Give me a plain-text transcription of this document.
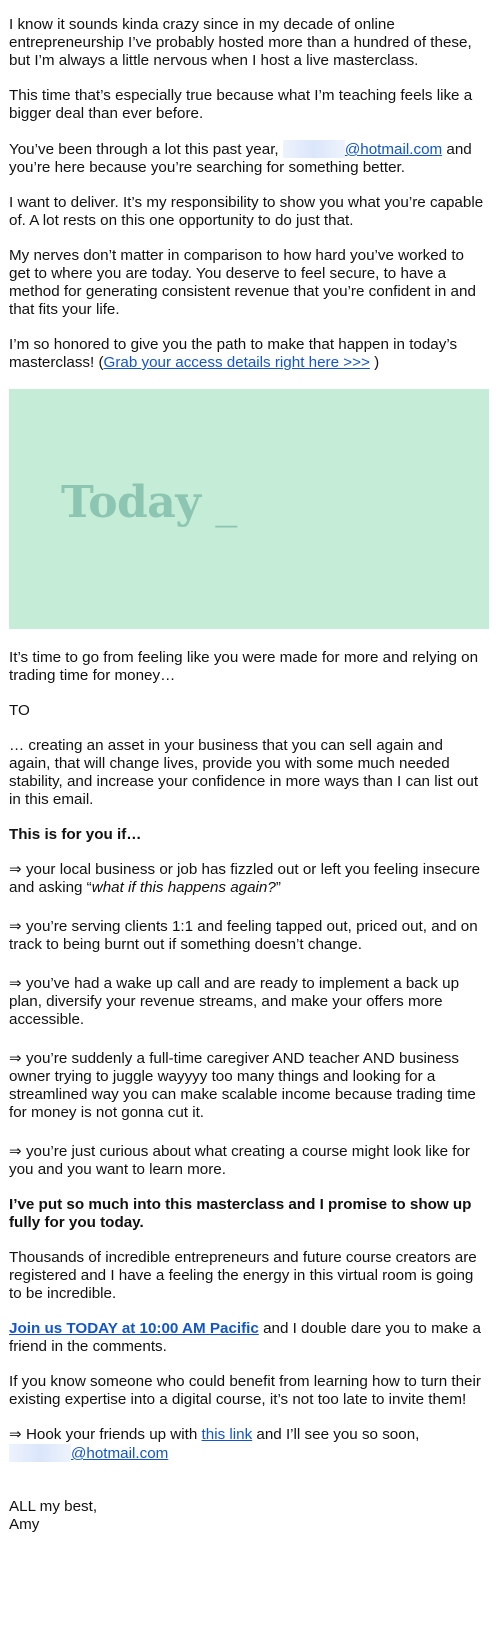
I know it sounds kinda crazy since in my decade of online entrepreneurship I’ve probably hosted more than a hundred of these, but I’m always a little nervous when I host a live masterclass.

This time that’s especially true because what I’m teaching feels like a bigger deal than ever before.

You’ve been through a lot this past year,	@hotmail.com and you’re here because you’re searching for something better.

I want to deliver. It’s my responsibility to show you what you’re capable of. A lot rests on this one opportunity to do just that.

My nerves don’t matter in comparison to how hard you’ve worked to get to where you are today. You deserve to feel secure, to have a method for generating consistent revenue that you’re confident in and that fits your life.

I’m so honored to give you the path to make that happen in today’s masterclass! (Grab your access details right here >>> )

Today _

It’s time to go from feeling like you were made for more and relying on trading time for money…

TO

… creating an asset in your business that you can sell again and again, that will change lives, provide you with some much needed stability, and increase your confidence in more ways than I can list out in this email.

This is for you if…

⇒ your local business or job has fizzled out or left you feeling insecure and asking “what if this happens again?”

⇒ you’re serving clients 1:1 and feeling tapped out, priced out, and on track to being burnt out if something doesn’t change.

⇒ you’ve had a wake up call and are ready to implement a back up plan, diversify your revenue streams, and make your offers more accessible.

⇒ you’re suddenly a full-time caregiver AND teacher AND business owner trying to juggle wayyyy too many things and looking for a streamlined way you can make scalable income because trading time for money is not gonna cut it.

⇒ you’re just curious about what creating a course might look like for you and you want to learn more.

I’ve put so much into this masterclass and I promise to show up fully for you today.

Thousands of incredible entrepreneurs and future course creators are registered and I have a feeling the energy in this virtual room is going to be incredible.

Join us TODAY at 10:00 AM Pacific and I double dare you to make a friend in the comments.

If you know someone who could benefit from learning how to turn their existing expertise into a digital course, it’s not too late to invite them!

⇒ Hook your friends up with this link and I’ll see you so soon,
@hotmail.com

ALL my best,

Amy
